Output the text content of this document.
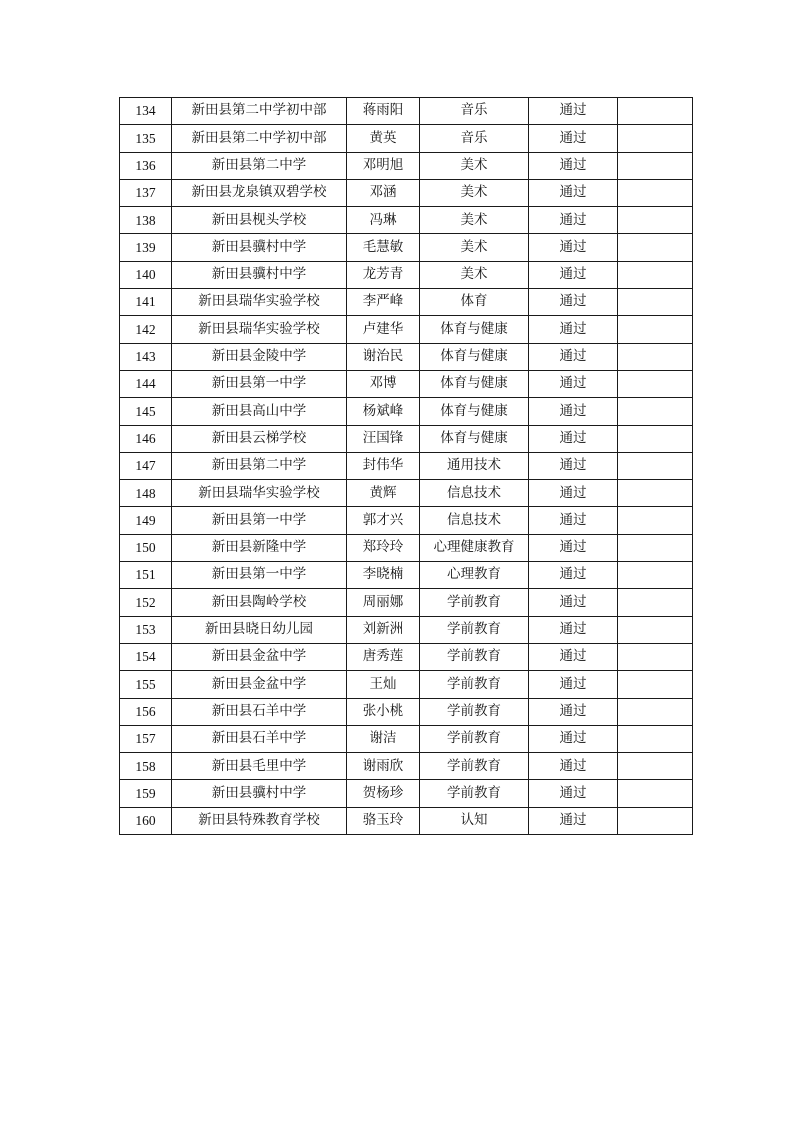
134	新田县第二中学初中部	蒋雨阳	音乐	通过	
135	新田县第二中学初中部	黄英	音乐	通过	
136	新田县第二中学	邓明旭	美术	通过	
137	新田县龙泉镇双碧学校	邓涵	美术	通过	
138	新田县枧头学校	冯琳	美术	通过	
139	新田县骥村中学	毛慧敏	美术	通过	
140	新田县骥村中学	龙芳青	美术	通过	
141	新田县瑞华实验学校	李严峰	体育	通过	
142	新田县瑞华实验学校	卢建华	体育与健康	通过	
143	新田县金陵中学	谢治民	体育与健康	通过	
144	新田县第一中学	邓博	体育与健康	通过	
145	新田县高山中学	杨斌峰	体育与健康	通过	
146	新田县云梯学校	汪国锋	体育与健康	通过	
147	新田县第二中学	封伟华	通用技术	通过	
148	新田县瑞华实验学校	黄辉	信息技术	通过	
149	新田县第一中学	郭才兴	信息技术	通过	
150	新田县新隆中学	郑玲玲	心理健康教育	通过	
151	新田县第一中学	李晓楠	心理教育	通过	
152	新田县陶岭学校	周丽娜	学前教育	通过	
153	新田县晓日幼儿园	刘新洲	学前教育	通过	
154	新田县金盆中学	唐秀莲	学前教育	通过	
155	新田县金盆中学	王灿	学前教育	通过	
156	新田县石羊中学	张小桃	学前教育	通过	
157	新田县石羊中学	谢洁	学前教育	通过	
158	新田县毛里中学	谢雨欣	学前教育	通过	
159	新田县骥村中学	贺杨珍	学前教育	通过	
160	新田县特殊教育学校	骆玉玲	认知	通过	
